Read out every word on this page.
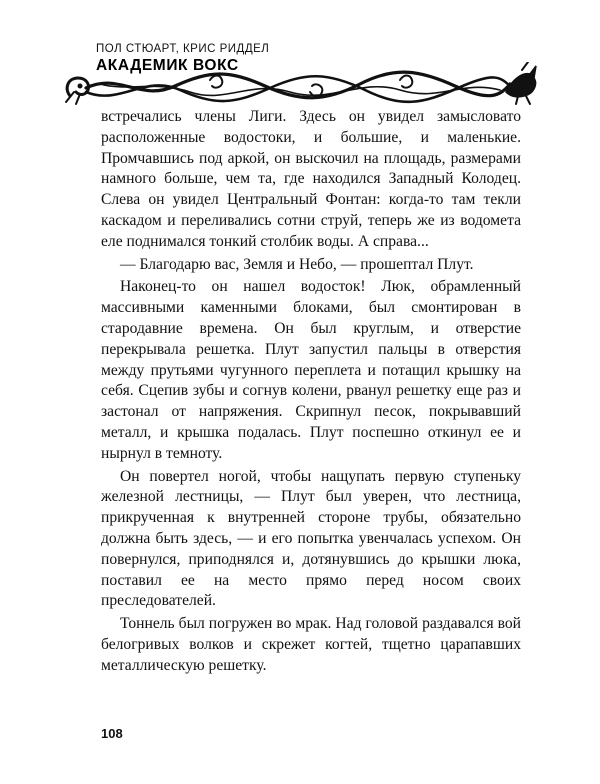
ПОЛ СТЮАРТ, КРИС РИДДЕЛ
АКАДЕМИК ВОКС

встречались члены Лиги. Здесь он увидел замысловато расположенные водостоки, и большие, и маленькие. Промчавшись под аркой, он выскочил на площадь, размерами намного больше, чем та, где находился Западный Колодец. Слева он увидел Центральный Фонтан: когда-то там текли каскадом и переливались сотни струй, теперь же из водомета еле поднимался тонкий столбик воды. А справа...

— Благодарю вас, Земля и Небо, — прошептал Плут.

Наконец-то он нашел водосток! Люк, обрамленный массивными каменными блоками, был смонтирован в стародавние времена. Он был круглым, и отверстие перекрывала решетка. Плут запустил пальцы в отверстия между прутьями чугунного переплета и потащил крышку на себя. Сцепив зубы и согнув колени, рванул решетку еще раз и застонал от напряжения. Скрипнул песок, покрывавший металл, и крышка подалась. Плут поспешно откинул ее и нырнул в темноту.

Он повертел ногой, чтобы нащупать первую ступеньку железной лестницы, — Плут был уверен, что лестница, прикрученная к внутренней стороне трубы, обязательно должна быть здесь, — и его попытка увенчалась успехом. Он повернулся, приподнялся и, дотянувшись до крышки люка, поставил ее на место прямо перед носом своих преследователей.

Тоннель был погружен во мрак. Над головой раздавался вой белогривых волков и скрежет когтей, тщетно царапавших металлическую решетку.

108
